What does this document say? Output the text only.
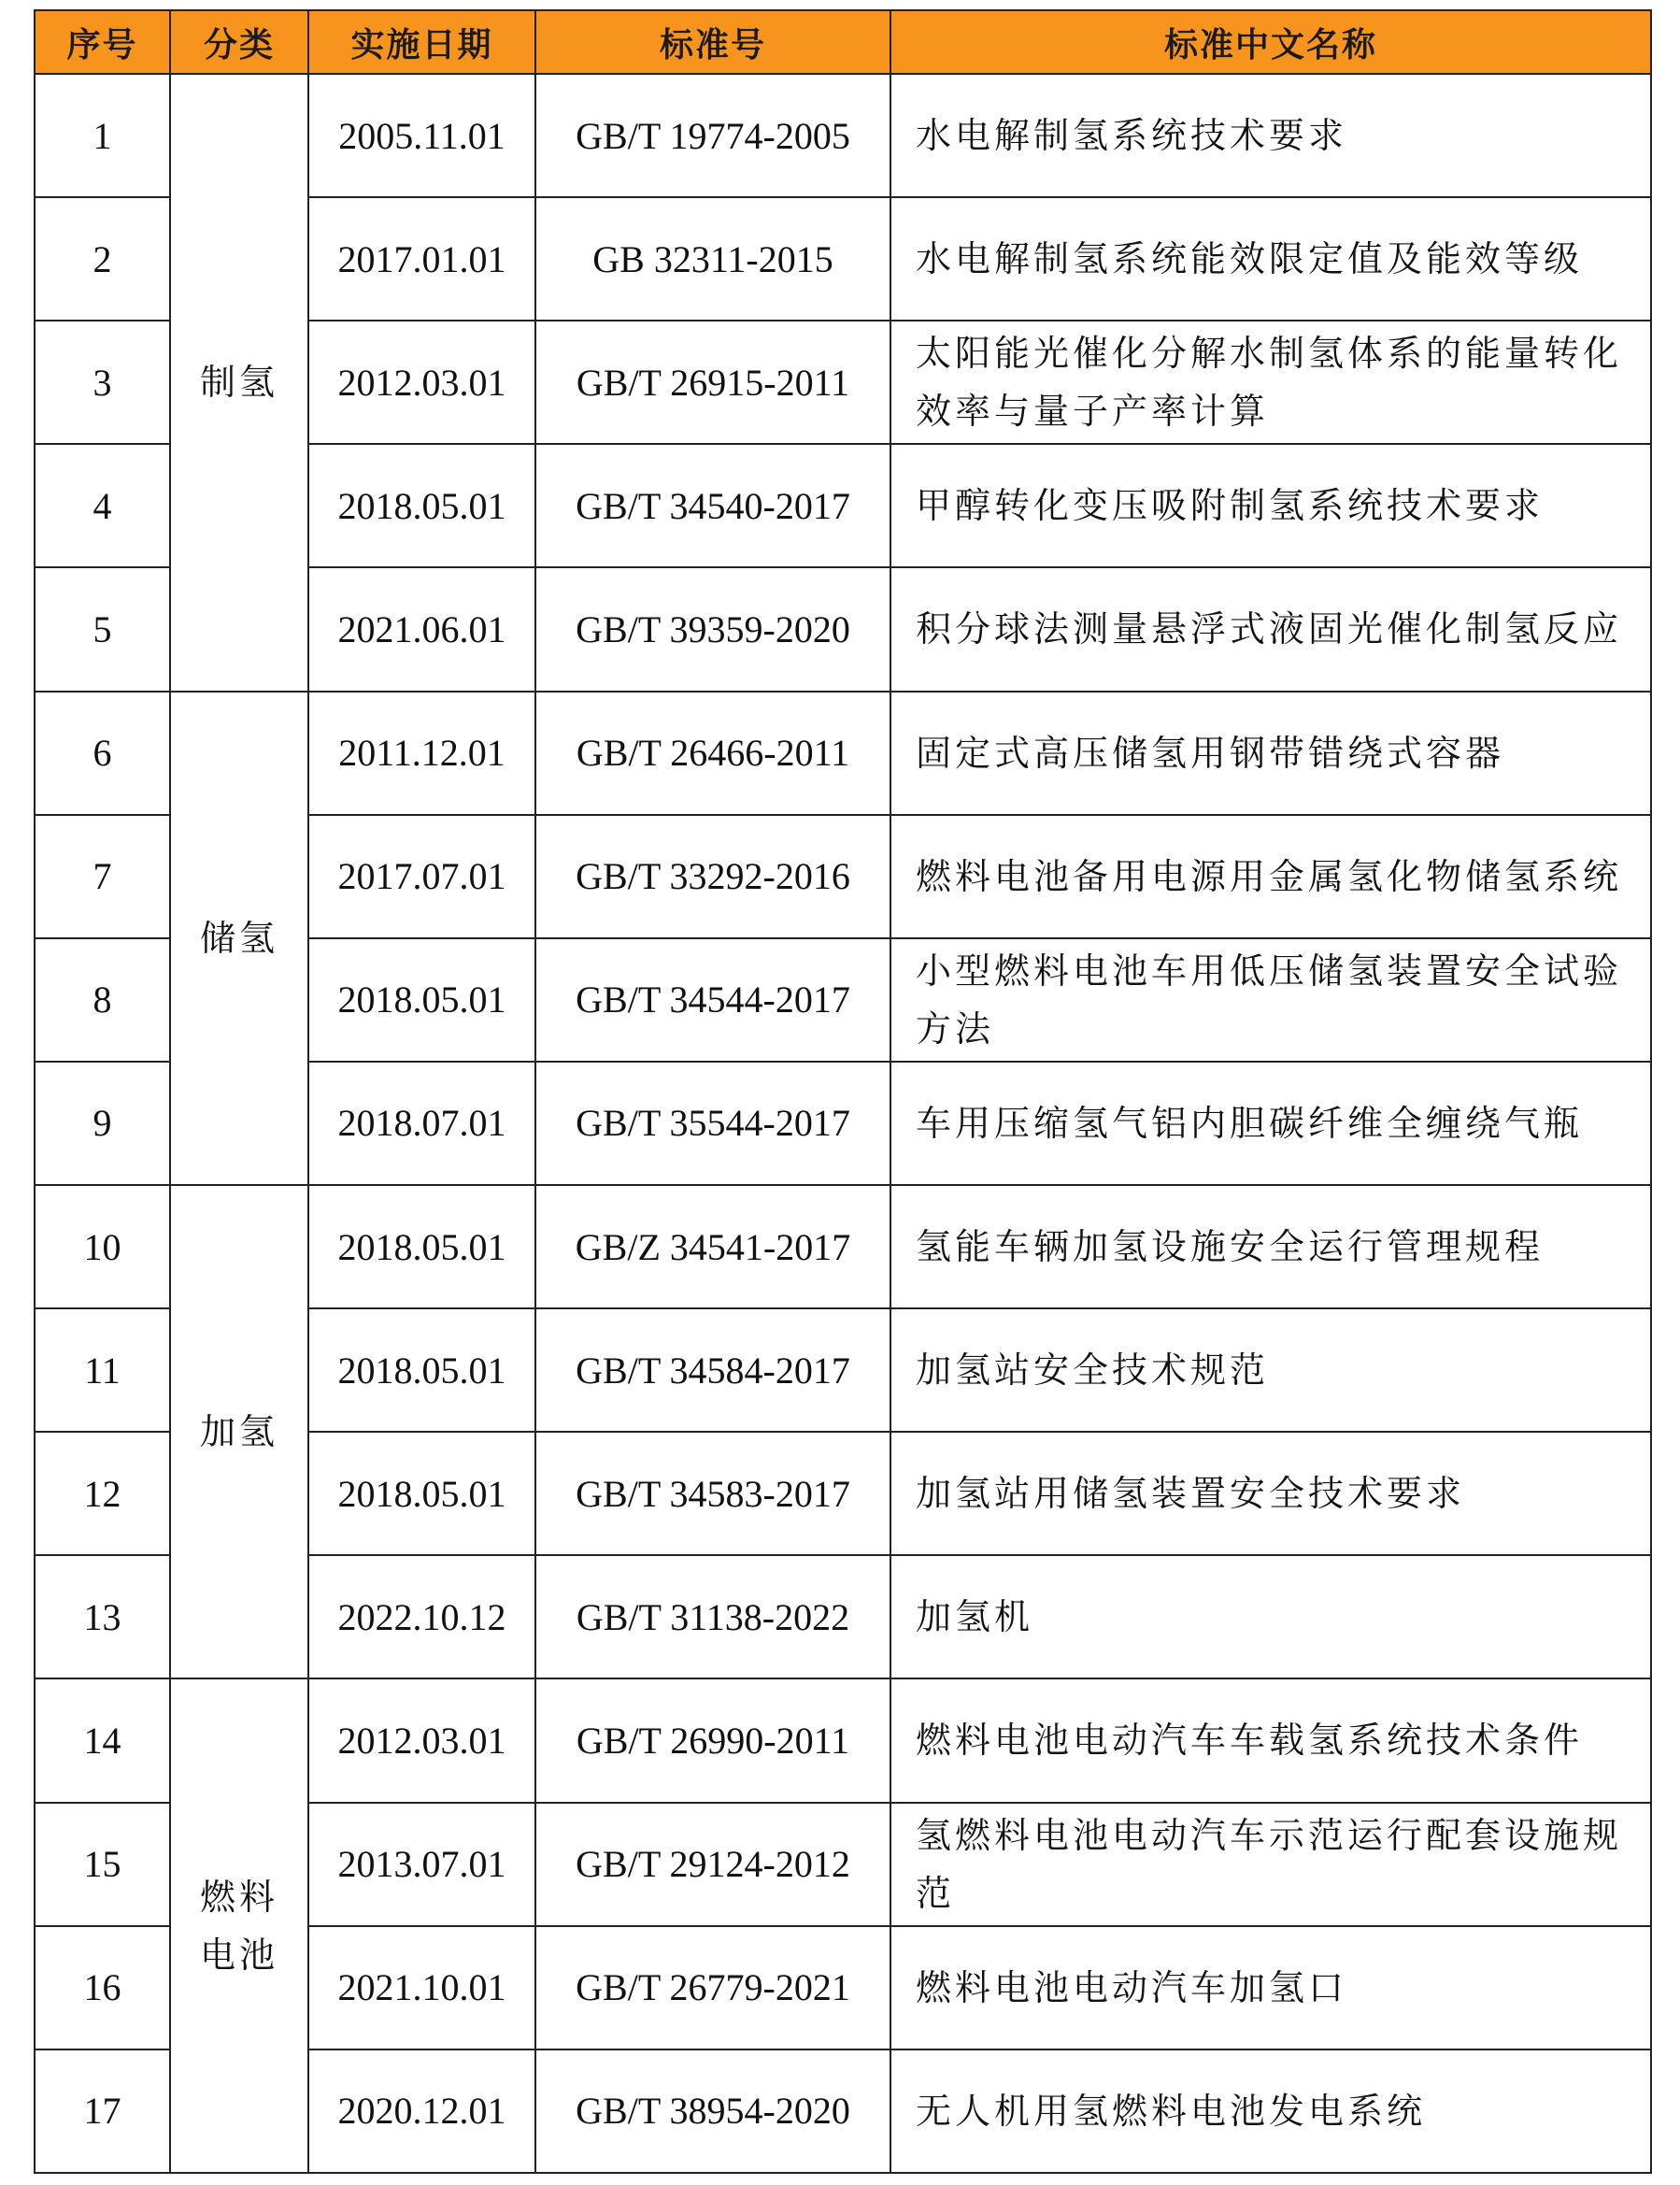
序号	分类	实施日期	标准号	标准中文名称
1	制氢	2005.11.01	GB/T 19774-2005	水电解制氢系统技术要求
2		2017.01.01	GB 32311-2015	水电解制氢系统能效限定值及能效等级
3		2012.03.01	GB/T 26915-2011	太阳能光催化分解水制氢体系的能量转化效率与量子产率计算
4		2018.05.01	GB/T 34540-2017	甲醇转化变压吸附制氢系统技术要求
5		2021.06.01	GB/T 39359-2020	积分球法测量悬浮式液固光催化制氢反应
6	储氢	2011.12.01	GB/T 26466-2011	固定式高压储氢用钢带错绕式容器
7		2017.07.01	GB/T 33292-2016	燃料电池备用电源用金属氢化物储氢系统
8		2018.05.01	GB/T 34544-2017	小型燃料电池车用低压储氢装置安全试验方法
9		2018.07.01	GB/T 35544-2017	车用压缩氢气铝内胆碳纤维全缠绕气瓶
10	加氢	2018.05.01	GB/Z 34541-2017	氢能车辆加氢设施安全运行管理规程
11		2018.05.01	GB/T 34584-2017	加氢站安全技术规范
12		2018.05.01	GB/T 34583-2017	加氢站用储氢装置安全技术要求
13		2022.10.12	GB/T 31138-2022	加氢机
14	燃料电池	2012.03.01	GB/T 26990-2011	燃料电池电动汽车车载氢系统技术条件
15		2013.07.01	GB/T 29124-2012	氢燃料电池电动汽车示范运行配套设施规范
16		2021.10.01	GB/T 26779-2021	燃料电池电动汽车加氢口
17		2020.12.01	GB/T 38954-2020	无人机用氢燃料电池发电系统
